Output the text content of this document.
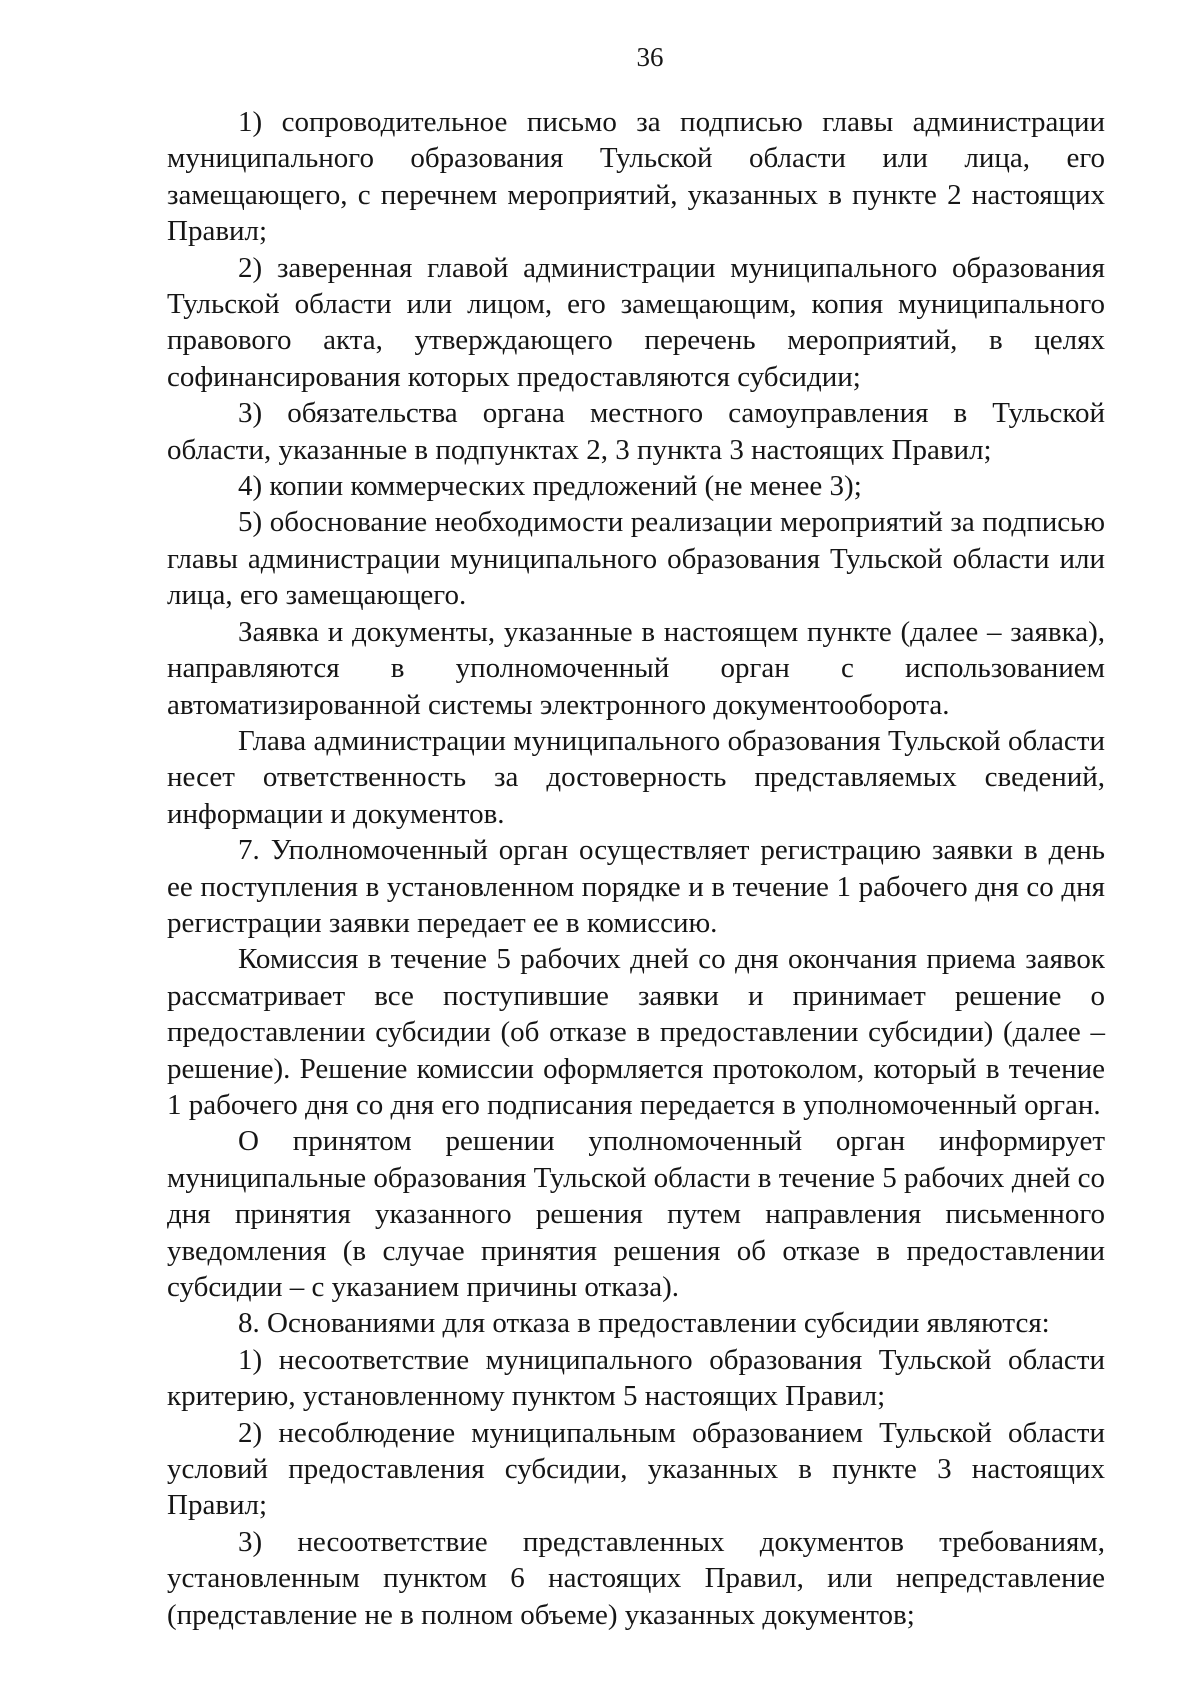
36

1) сопроводительное письмо за подписью главы администрации муниципального образования Тульской области или лица, его замещающего, с перечнем мероприятий, указанных в пункте 2 настоящих Правил;

2) заверенная главой администрации муниципального образования Тульской области или лицом, его замещающим, копия муниципального правового акта, утверждающего перечень мероприятий, в целях софинансирования которых предоставляются субсидии;

3) обязательства органа местного самоуправления в Тульской области, указанные в подпунктах 2, 3 пункта 3 настоящих Правил;

4) копии коммерческих предложений (не менее 3);

5) обоснование необходимости реализации мероприятий за подписью главы администрации муниципального образования Тульской области или лица, его замещающего.

Заявка и документы, указанные в настоящем пункте (далее – заявка), направляются в уполномоченный орган с использованием автоматизированной системы электронного документооборота.

Глава администрации муниципального образования Тульской области несет ответственность за достоверность представляемых сведений, информации и документов.

7. Уполномоченный орган осуществляет регистрацию заявки в день ее поступления в установленном порядке и в течение 1 рабочего дня со дня регистрации заявки передает ее в комиссию.

Комиссия в течение 5 рабочих дней со дня окончания приема заявок рассматривает все поступившие заявки и принимает решение о предоставлении субсидии (об отказе в предоставлении субсидии) (далее – решение). Решение комиссии оформляется протоколом, который в течение 1 рабочего дня со дня его подписания передается в уполномоченный орган.

О принятом решении уполномоченный орган информирует муниципальные образования Тульской области в течение 5 рабочих дней со дня принятия указанного решения путем направления письменного уведомления (в случае принятия решения об отказе в предоставлении субсидии – с указанием причины отказа).

8. Основаниями для отказа в предоставлении субсидии являются:

1) несоответствие муниципального образования Тульской области критерию, установленному пунктом 5 настоящих Правил;

2) несоблюдение муниципальным образованием Тульской области условий предоставления субсидии, указанных в пункте 3 настоящих Правил;

3) несоответствие представленных документов требованиям, установленным пунктом 6 настоящих Правил, или непредставление (представление не в полном объеме) указанных документов;
